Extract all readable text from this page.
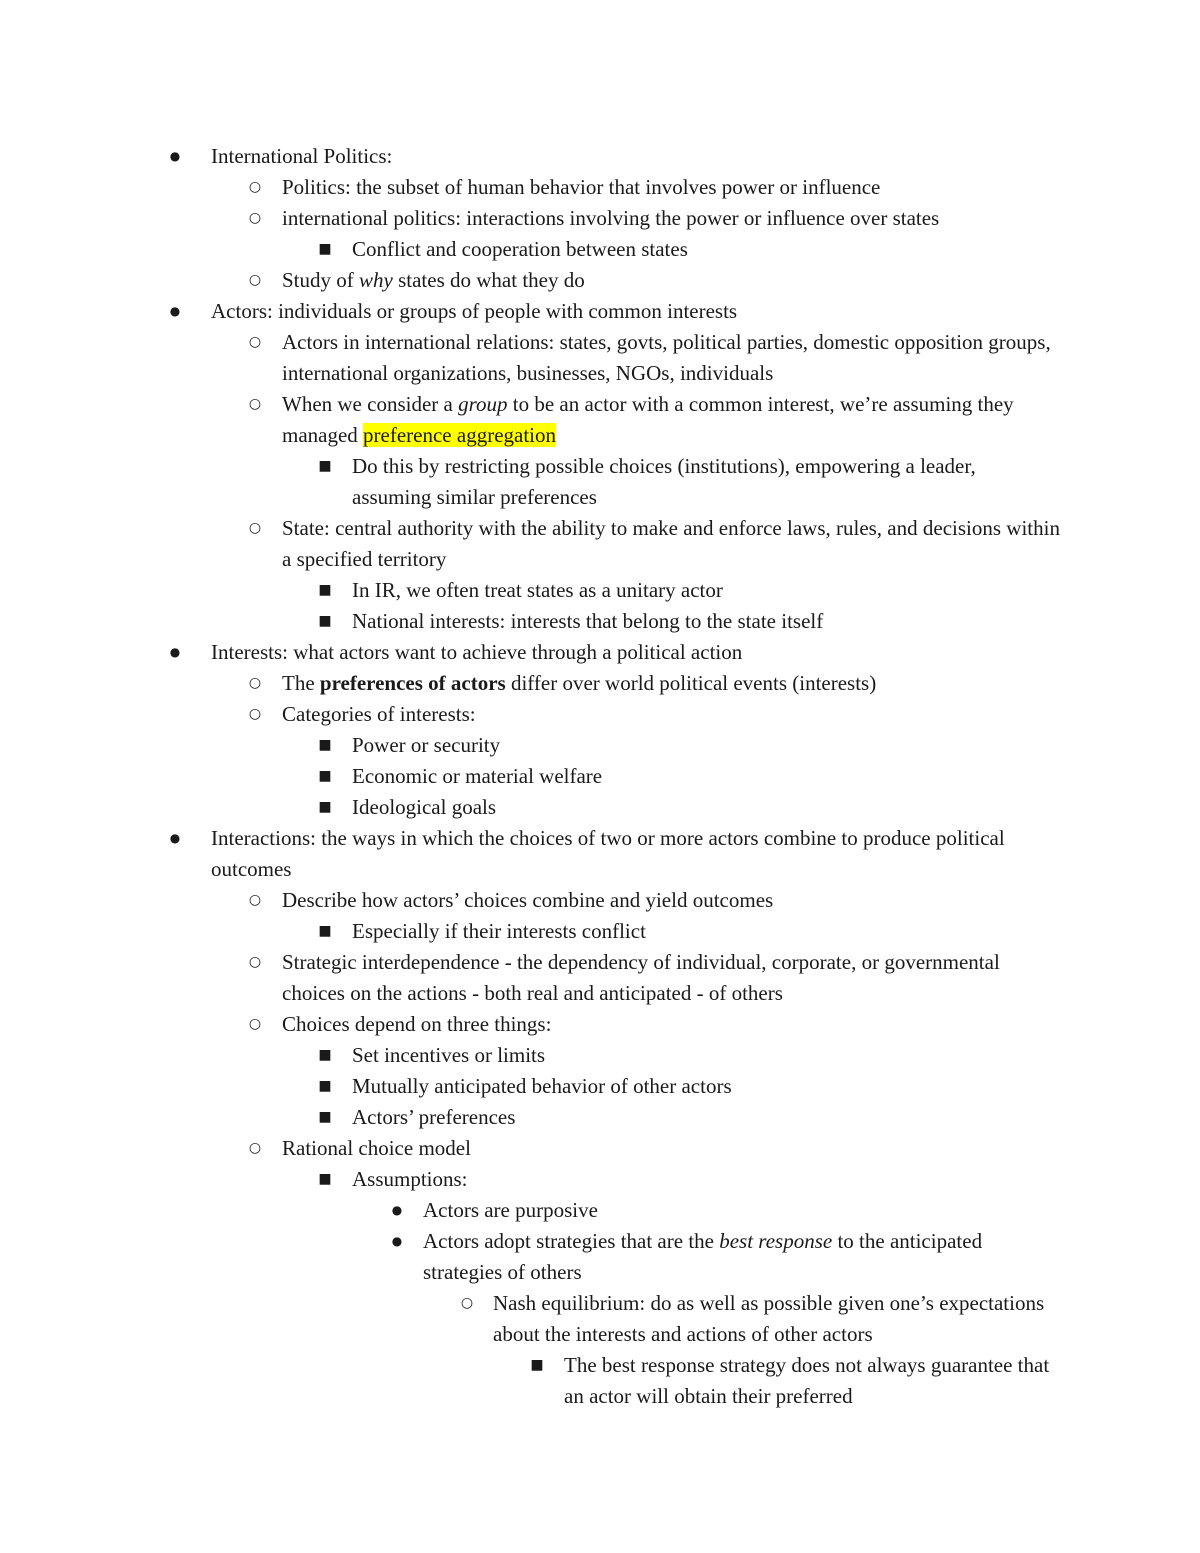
● International Politics:
○ Politics: the subset of human behavior that involves power or influence
○ international politics: interactions involving the power or influence over states
■ Conflict and cooperation between states
○ Study of why states do what they do
● Actors: individuals or groups of people with common interests
○ Actors in international relations: states, govts, political parties, domestic opposition groups, international organizations, businesses, NGOs, individuals
○ When we consider a group to be an actor with a common interest, we’re assuming they managed preference aggregation
■ Do this by restricting possible choices (institutions), empowering a leader, assuming similar preferences
○ State: central authority with the ability to make and enforce laws, rules, and decisions within a specified territory
■ In IR, we often treat states as a unitary actor
■ National interests: interests that belong to the state itself
● Interests: what actors want to achieve through a political action
○ The preferences of actors differ over world political events (interests)
○ Categories of interests:
■ Power or security
■ Economic or material welfare
■ Ideological goals
● Interactions: the ways in which the choices of two or more actors combine to produce political outcomes
○ Describe how actors’ choices combine and yield outcomes
■ Especially if their interests conflict
○ Strategic interdependence - the dependency of individual, corporate, or governmental choices on the actions - both real and anticipated - of others
○ Choices depend on three things:
■ Set incentives or limits
■ Mutually anticipated behavior of other actors
■ Actors’ preferences
○ Rational choice model
■ Assumptions:
● Actors are purposive
● Actors adopt strategies that are the best response to the anticipated strategies of others
○ Nash equilibrium: do as well as possible given one’s expectations about the interests and actions of other actors
■ The best response strategy does not always guarantee that an actor will obtain their preferred
